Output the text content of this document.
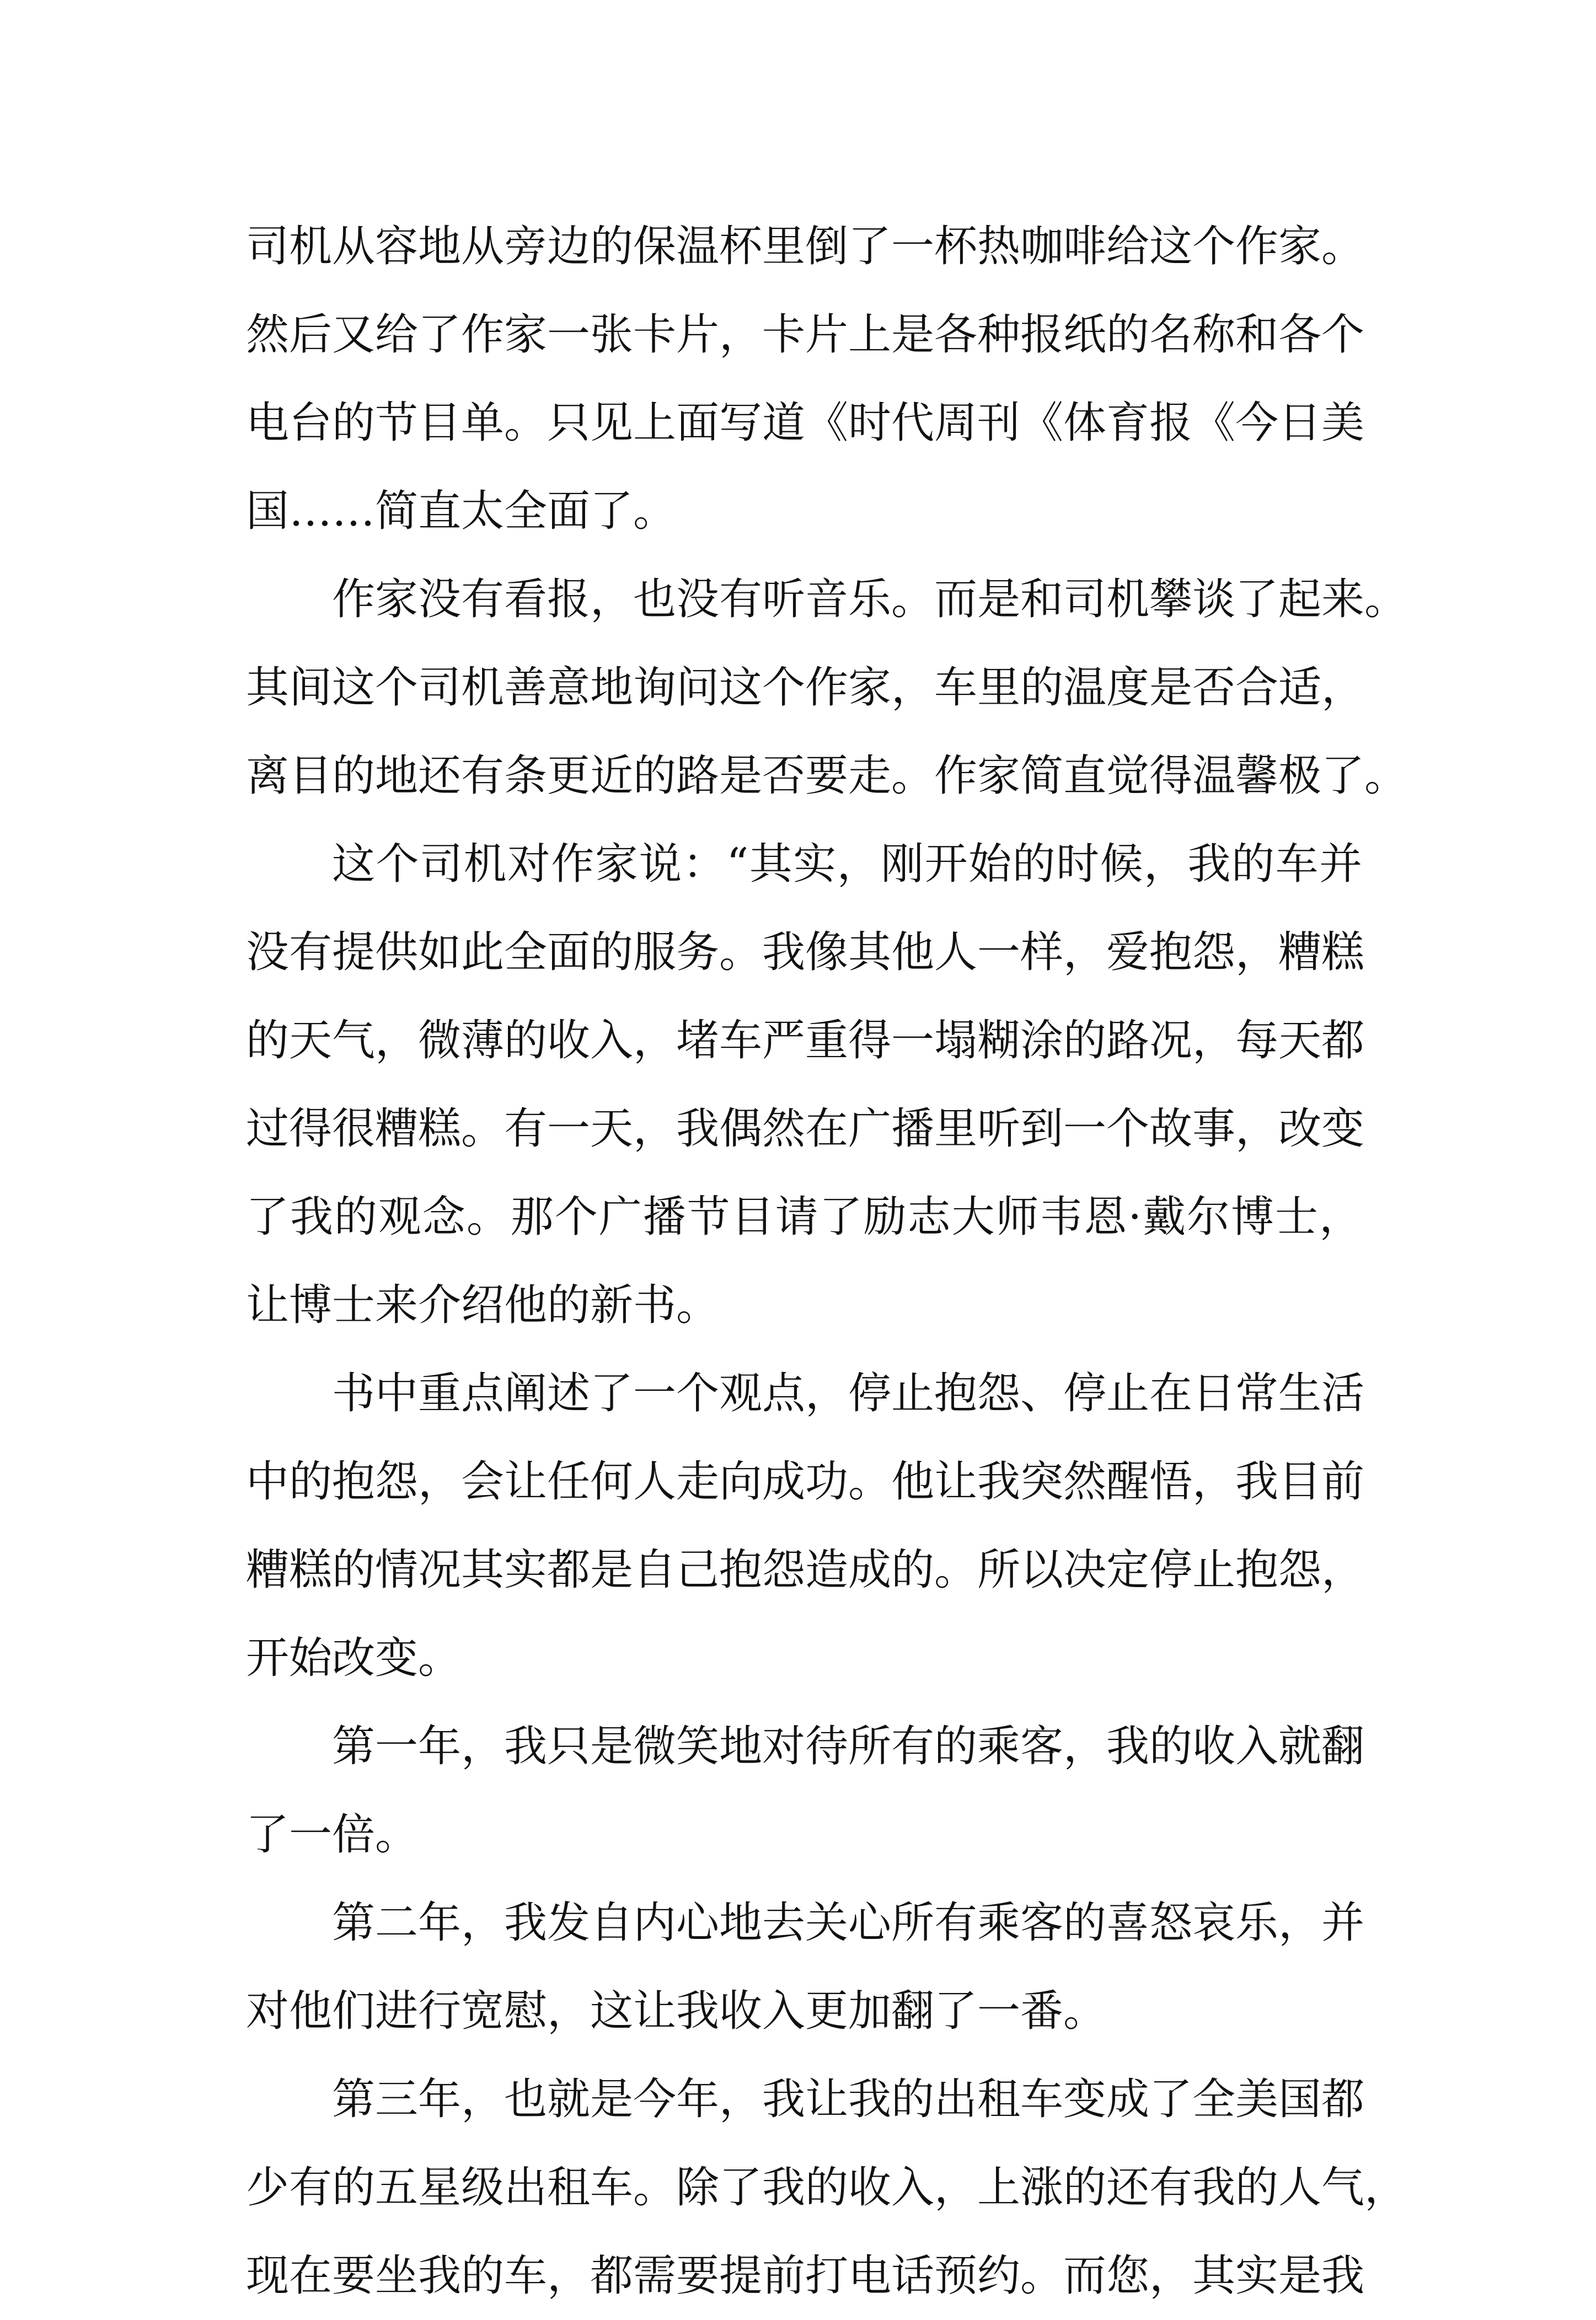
司机从容地从旁边的保温杯里倒了一杯热咖啡给这个作家。
然后又给了作家一张卡片，卡片上是各种报纸的名称和各个
电台的节目单。只见上面写道《时代周刊《体育报《今日美
国……简直太全面了。
作家没有看报，也没有听音乐。而是和司机攀谈了起来。
其间这个司机善意地询问这个作家，车里的温度是否合适，
离目的地还有条更近的路是否要走。作家简直觉得温馨极了。
这个司机对作家说：“其实，刚开始的时候，我的车并
没有提供如此全面的服务。我像其他人一样，爱抱怨，糟糕
的天气，微薄的收入，堵车严重得一塌糊涂的路况，每天都
过得很糟糕。有一天，我偶然在广播里听到一个故事，改变
了我的观念。那个广播节目请了励志大师韦恩·戴尔博士，
让博士来介绍他的新书。
书中重点阐述了一个观点，停止抱怨、停止在日常生活
中的抱怨，会让任何人走向成功。他让我突然醒悟，我目前
糟糕的情况其实都是自己抱怨造成的。所以决定停止抱怨，
开始改变。
第一年，我只是微笑地对待所有的乘客，我的收入就翻
了一倍。
第二年，我发自内心地去关心所有乘客的喜怒哀乐，并
对他们进行宽慰，这让我收入更加翻了一番。
第三年，也就是今年，我让我的出租车变成了全美国都
少有的五星级出租车。除了我的收入，上涨的还有我的人气，
现在要坐我的车，都需要提前打电话预约。而您，其实是我
